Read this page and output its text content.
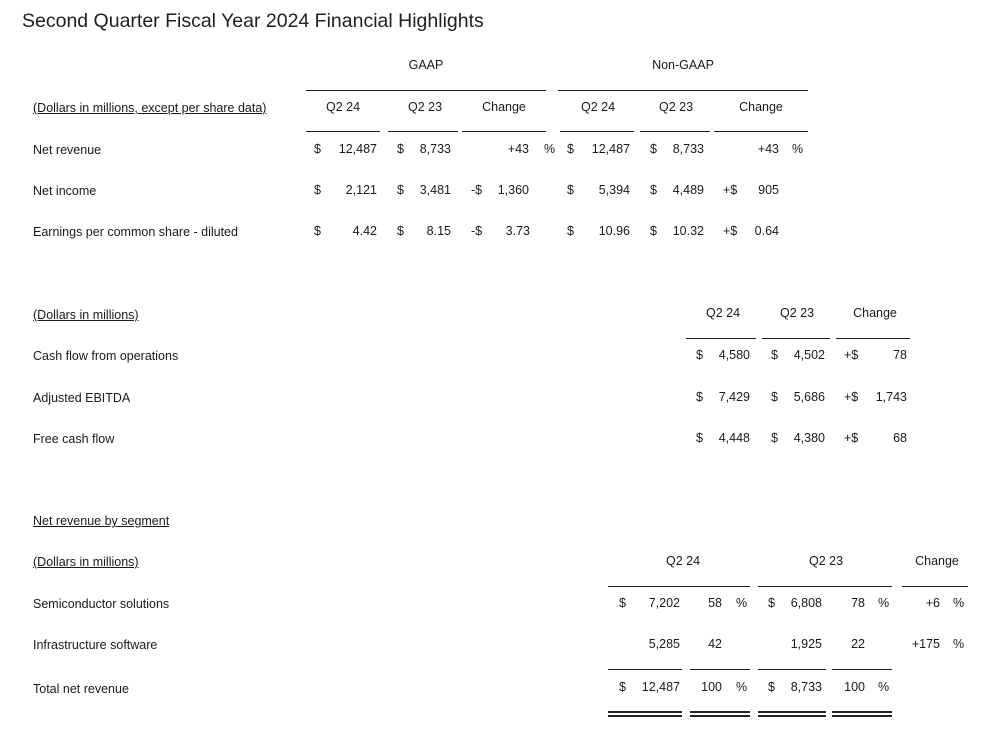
Second Quarter Fiscal Year 2024 Financial Highlights
GAAP	Non-GAAP
(Dollars in millions, except per share data)	Q2 24	Q2 23	Change	Q2 24	Q2 23	Change
Net revenue	$	12,487 $	8,733	+43 % $	12,487 $	8,733	+43 %
Net income	$	2,121 $	3,481 -$	1,360	$	5,394 $	4,489 +$	905
Earnings per common share - diluted	$	4.42 $	8.15 -$	3.73	$	10.96 $	10.32 +$	0.64
(Dollars in millions)	Q2 24	Q2 23	Change
Cash flow from operations	$	4,580 $	4,502 +$	78
Adjusted EBITDA	$	7,429 $	5,686 +$	1,743
Free cash flow	$	4,448 $	4,380 +$	68
Net revenue by segment
(Dollars in millions)	Q2 24	Q2 23	Change
Semiconductor solutions	$	7,202	58 % $	6,808	78 %	+6 %
Infrastructure software	5,285	42	1,925	22	+175 %
Total net revenue	$	12,487	100 % $	8,733	100 %
